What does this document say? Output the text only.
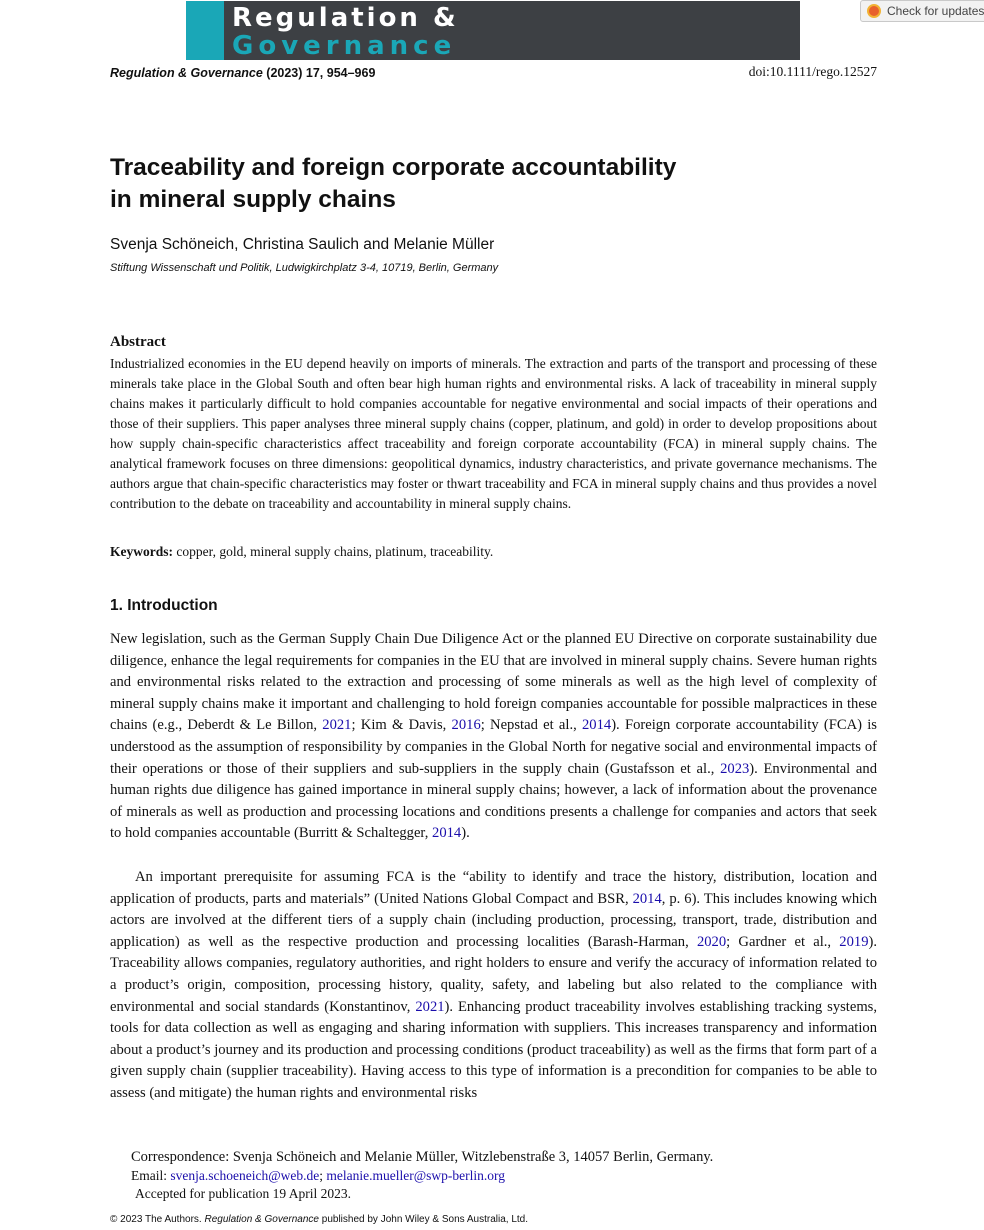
Regulation &
Governance
Check for updates
Regulation & Governance (2023) 17, 954–969	doi:10.1111/rego.12527
Traceability and foreign corporate accountability
in mineral supply chains
Svenja Schöneich, Christina Saulich and Melanie Müller
Stiftung Wissenschaft und Politik, Ludwigkirchplatz 3-4, 10719, Berlin, Germany
Abstract

Industrialized economies in the EU depend heavily on imports of minerals. The extraction and parts of the transport and processing of these minerals take place in the Global South and often bear high human rights and environmental risks. A lack of traceability in mineral supply chains makes it particularly difficult to hold companies accountable for negative environmental and social impacts of their operations and those of their suppliers. This paper analyses three mineral supply chains (copper, platinum, and gold) in order to develop propositions about how supply chain-specific characteristics affect traceability and foreign corporate accountability (FCA) in mineral supply chains. The analytical framework focuses on three dimensions: geopolitical dynamics, industry characteristics, and private governance mechanisms. The authors argue that chain-specific characteristics may foster or thwart traceability and FCA in mineral supply chains and thus provides a novel contribution to the debate on traceability and accountability in mineral supply chains.

Keywords: copper, gold, mineral supply chains, platinum, traceability.
1. Introduction

New legislation, such as the German Supply Chain Due Diligence Act or the planned EU Directive on corporate sustainability due diligence, enhance the legal requirements for companies in the EU that are involved in mineral supply chains. Severe human rights and environmental risks related to the extraction and processing of some minerals as well as the high level of complexity of mineral supply chains make it important and challenging to hold foreign companies accountable for possible malpractices in these chains (e.g., Deberdt & Le Billon, 2021; Kim & Davis, 2016; Nepstad et al., 2014). Foreign corporate accountability (FCA) is understood as the assumption of responsibility by companies in the Global North for negative social and environmental impacts of their operations or those of their suppliers and sub-suppliers in the supply chain (Gustafsson et al., 2023). Environmental and human rights due diligence has gained importance in mineral supply chains; however, a lack of information about the provenance of minerals as well as production and processing locations and conditions presents a challenge for companies and actors that seek to hold companies accountable (Burritt & Schaltegger, 2014).

An important prerequisite for assuming FCA is the “ability to identify and trace the history, distribution, location and application of products, parts and materials” (United Nations Global Compact and BSR, 2014, p. 6). This includes knowing which actors are involved at the different tiers of a supply chain (including production, processing, transport, trade, distribution and application) as well as the respective production and processing localities (Barash-Harman, 2020; Gardner et al., 2019). Traceability allows companies, regulatory authorities, and right holders to ensure and verify the accuracy of information related to a product’s origin, composition, processing history, quality, safety, and labeling but also related to the compliance with environmental and social standards (Konstantinov, 2021). Enhancing product traceability involves establishing tracking systems, tools for data collection as well as engaging and sharing information with suppliers. This increases transparency and information about a product’s journey and its production and processing conditions (product traceability) as well as the firms that form part of a given supply chain (supplier traceability). Having access to this type of information is a precondition for companies to be able to assess (and mitigate) the human rights and environmental risks

Correspondence: Svenja Schöneich and Melanie Müller, Witzlebenstraße 3, 14057 Berlin, Germany.
Email: svenja.schoeneich@web.de; melanie.mueller@swp-berlin.org
Accepted for publication 19 April 2023.
© 2023 The Authors. Regulation & Governance published by John Wiley & Sons Australia, Ltd.
